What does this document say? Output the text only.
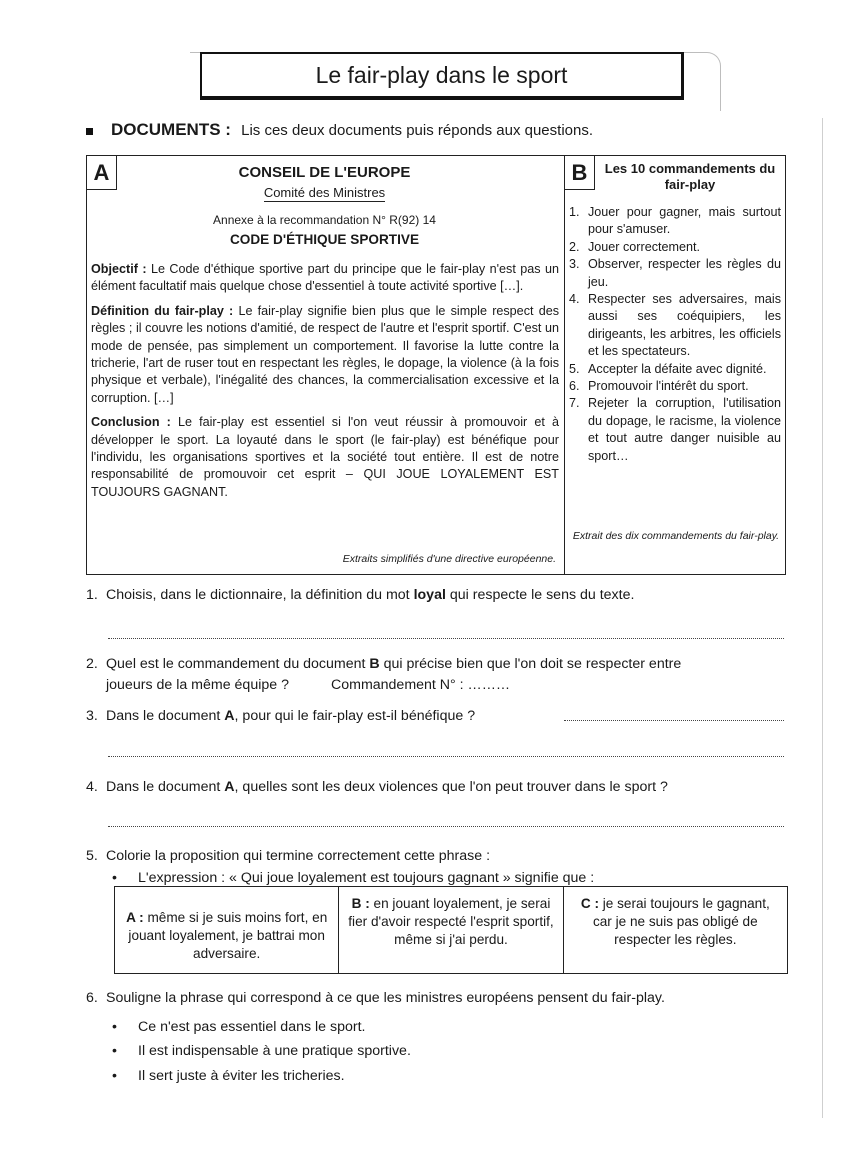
Le fair-play dans le sport
DOCUMENTS : Lis ces deux documents puis réponds aux questions.
A	CONSEIL DE L'EUROPE
Comité des Ministres
Annexe à la recommandation N° R(92) 14
CODE D'ÉTHIQUE SPORTIVE

Objectif : Le Code d'éthique sportive part du principe que le fair-play n'est pas un élément facultatif mais quelque chose d'essentiel à toute activité sportive […].

Définition du fair-play : Le fair-play signifie bien plus que le simple respect des règles ; il couvre les notions d'amitié, de respect de l'autre et l'esprit sportif. C'est un mode de pensée, pas simplement un comportement. Il favorise la lutte contre la tricherie, l'art de ruser tout en respectant les règles, le dopage, la violence (à la fois physique et verbale), l'inégalité des chances, la commercialisation excessive et la corruption. […]

Conclusion : Le fair-play est essentiel si l'on veut réussir à promouvoir et à développer le sport. La loyauté dans le sport (le fair-play) est bénéfique pour l'individu, les organisations sportives et la société tout entière. Il est de notre responsabilité de promouvoir cet esprit – QUI JOUE LOYALEMENT EST TOUJOURS GAGNANT.

Extraits simplifiés d'une directive européenne.
B	Les 10 commandements du fair-play
1. Jouer pour gagner, mais surtout pour s'amuser.
2. Jouer correctement.
3. Observer, respecter les règles du jeu.
4. Respecter ses adversaires, mais aussi ses coéquipiers, les dirigeants, les arbitres, les officiels et les spectateurs.
5. Accepter la défaite avec dignité.
6. Promouvoir l'intérêt du sport.
7. Rejeter la corruption, l'utilisation du dopage, le racisme, la violence et tout autre danger nuisible au sport…
Extrait des dix commandements du fair-play.
1. Choisis, dans le dictionnaire, la définition du mot loyal qui respecte le sens du texte.
2. Quel est le commandement du document B qui précise bien que l'on doit se respecter entre
joueurs de la même équipe ?	Commandement N° : ………
3. Dans le document A, pour qui le fair-play est-il bénéfique ?
4. Dans le document A, quelles sont les deux violences que l'on peut trouver dans le sport ?
5. Colorie la proposition qui termine correctement cette phrase :
• L'expression : « Qui joue loyalement est toujours gagnant » signifie que :
A : même si je suis moins fort, en jouant loyalement, je battrai mon adversaire.
B : en jouant loyalement, je serai fier d'avoir respecté l'esprit sportif, même si j'ai perdu.
C : je serai toujours le gagnant, car je ne suis pas obligé de respecter les règles.
6. Souligne la phrase qui correspond à ce que les ministres européens pensent du fair-play.
• Ce n'est pas essentiel dans le sport.
• Il est indispensable à une pratique sportive.
• Il sert juste à éviter les tricheries.
